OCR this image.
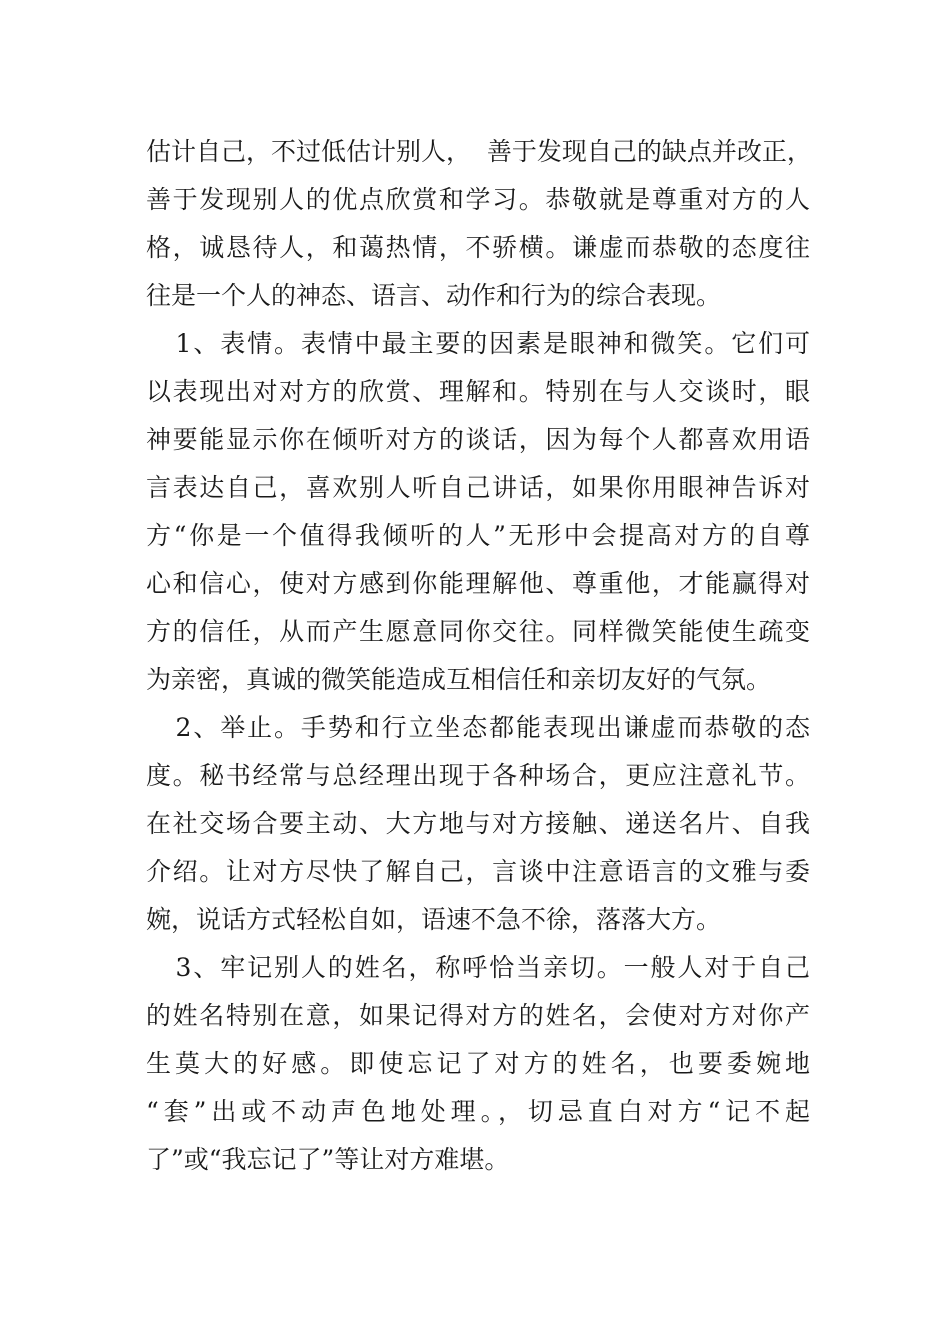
估计自己，不过低估计别人，  善于发现自己的缺点并改正，
善于发现别人的优点欣赏和学习。恭敬就是尊重对方的人
格，诚恳待人，和蔼热情，不骄横。谦虚而恭敬的态度往
往是一个人的神态、语言、动作和行为的综合表现。
1、表情。表情中最主要的因素是眼神和微笑。它们可
以表现出对对方的欣赏、理解和。特别在与人交谈时，眼
神要能显示你在倾听对方的谈话，因为每个人都喜欢用语
言表达自己，喜欢别人听自己讲话，如果你用眼神告诉对
方“你是一个值得我倾听的人”无形中会提高对方的自尊
心和信心，使对方感到你能理解他、尊重他，才能赢得对
方的信任，从而产生愿意同你交往。同样微笑能使生疏变
为亲密，真诚的微笑能造成互相信任和亲切友好的气氛。
2、举止。手势和行立坐态都能表现出谦虚而恭敬的态
度。秘书经常与总经理出现于各种场合，更应注意礼节。
在社交场合要主动、大方地与对方接触、递送名片、自我
介绍。让对方尽快了解自己，言谈中注意语言的文雅与委
婉，说话方式轻松自如，语速不急不徐，落落大方。
3、牢记别人的姓名，称呼恰当亲切。一般人对于自己
的姓名特别在意，如果记得对方的姓名，会使对方对你产
生莫大的好感。即使忘记了对方的姓名，也要委婉地
“套”出或不动声色地处理。，切忌直白对方“记不起
了”或“我忘记了”等让对方难堪。
